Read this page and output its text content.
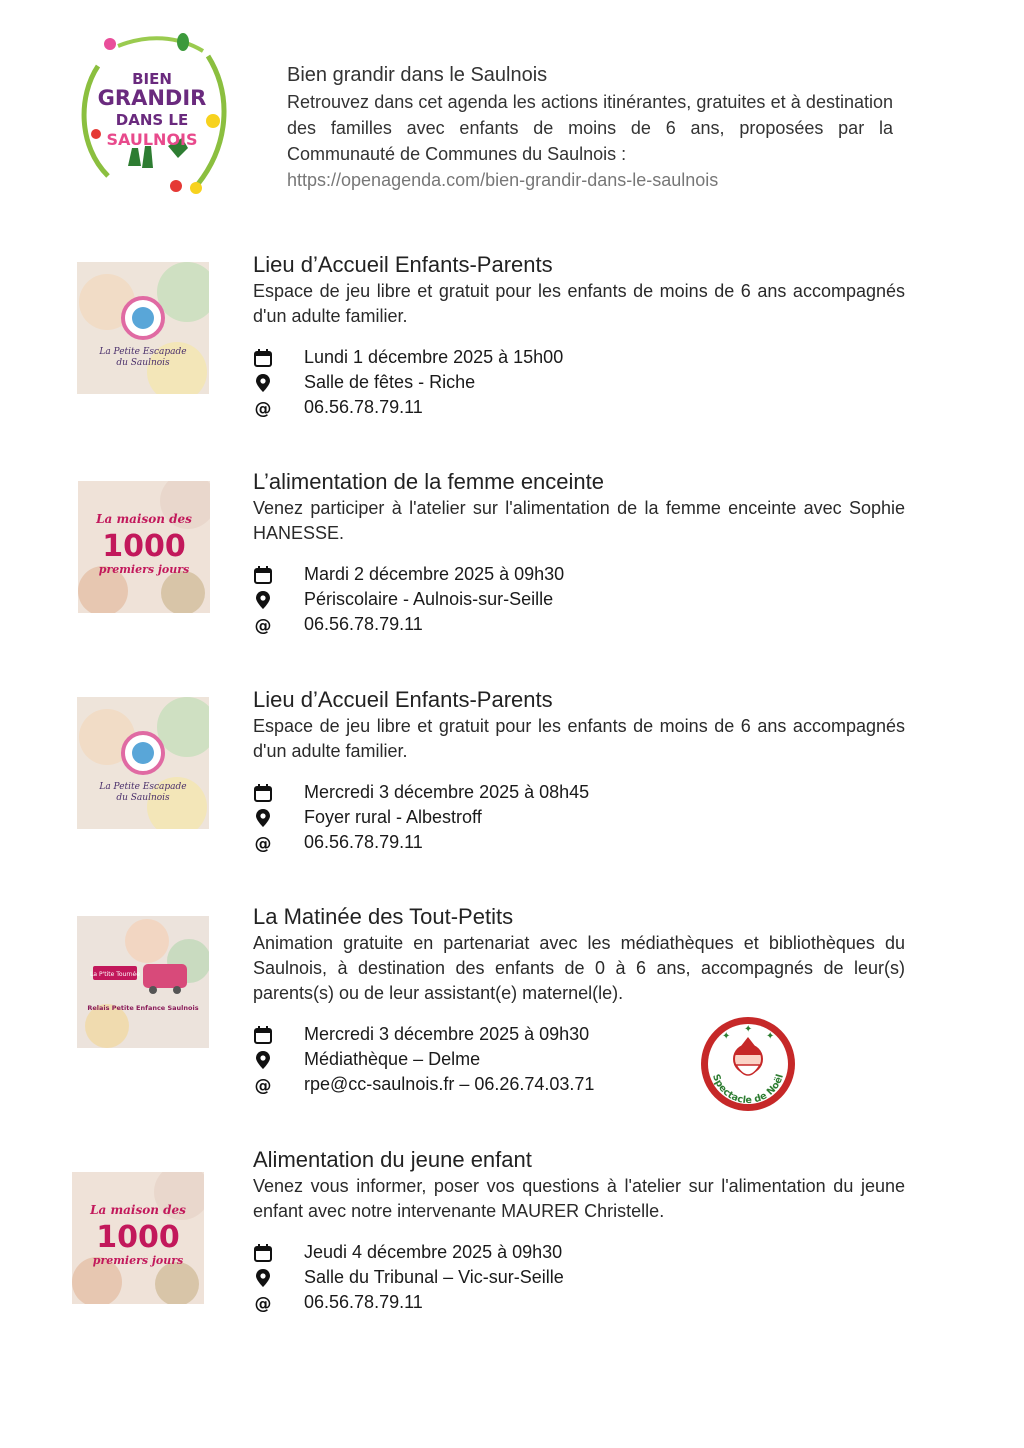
BIEN
GRANDIR
DANS LE
SAULNOIS
Bien grandir dans le Saulnois

Retrouvez dans cet agenda les actions itinérantes, gratuites et à destination des familles avec enfants de moins de 6 ans, proposées par la Communauté de Communes du Saulnois :

https://openagenda.com/bien-grandir-dans-le-saulnois
La Petite Escapade
du Saulnois
Lieu d’Accueil Enfants-Parents

Espace de jeu libre et gratuit pour les enfants de moins de 6 ans accompagnés d'un adulte familier.

Lundi 1 décembre 2025 à 15h00
Salle de fêtes - Riche
@ 06.56.78.79.11
La maison des
1000
premiers jours
L’alimentation de la femme enceinte

Venez participer à l'atelier sur l'alimentation de la femme enceinte avec Sophie HANESSE.

Mardi 2 décembre 2025 à 09h30
Périscolaire - Aulnois-sur-Seille
@ 06.56.78.79.11
La Petite Escapade
du Saulnois
Lieu d’Accueil Enfants-Parents

Espace de jeu libre et gratuit pour les enfants de moins de 6 ans accompagnés d'un adulte familier.

Mercredi 3 décembre 2025 à 08h45
Foyer rural - Albestroff
@ 06.56.78.79.11
La P'tite Tournée
Relais Petite Enfance Saulnois
La Matinée des Tout-Petits

Animation gratuite en partenariat avec les médiathèques et bibliothèques du Saulnois, à destination des enfants de 0 à 6 ans, accompagnés de leur(s) parents(s) ou de leur assistant(e) maternel(le).

Mercredi 3 décembre 2025 à 09h30
Médiathèque – Delme
@ rpe@cc-saulnois.fr – 06.26.74.03.71
✦
✦
✦
Spectacle de Noël
La maison des
1000
premiers jours
Alimentation du jeune enfant

Venez vous informer, poser vos questions à l'atelier sur l'alimentation du jeune enfant avec notre intervenante MAURER Christelle.

Jeudi 4 décembre 2025 à 09h30
Salle du Tribunal – Vic-sur-Seille
@ 06.56.78.79.11
